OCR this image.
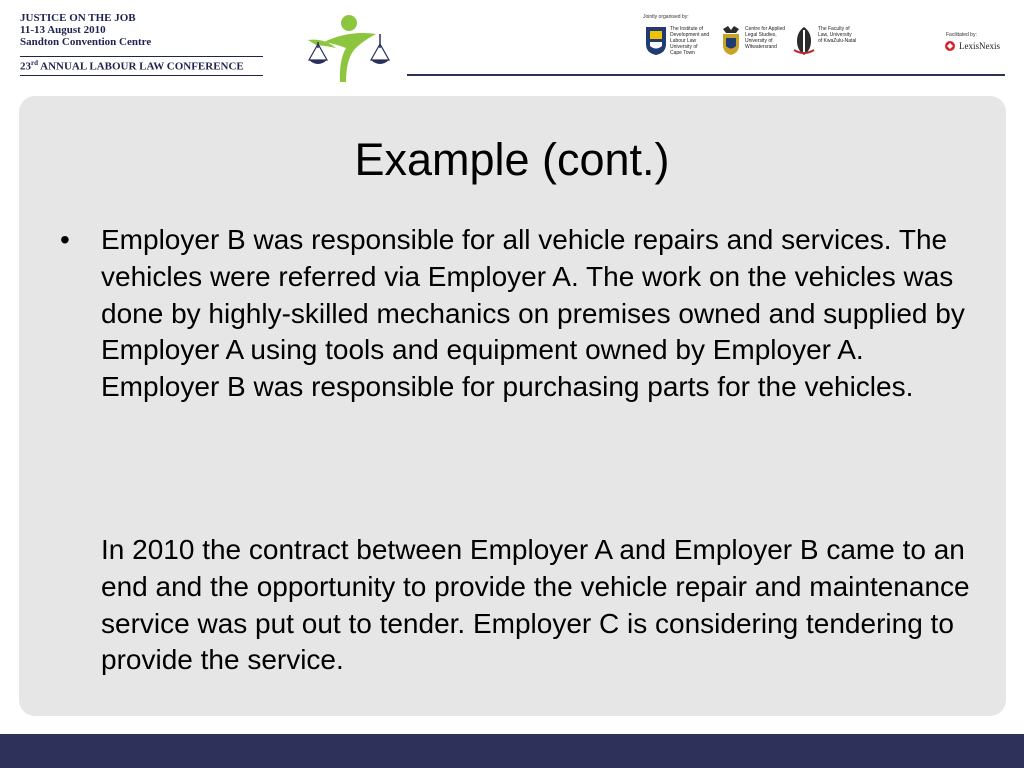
JUSTICE ON THE JOB
11-13 August 2010
Sandton Convention Centre
23rd ANNUAL LABOUR LAW CONFERENCE
Jointly organised by:
The Institute of
Development and
Labour Law
University of
Cape Town
Centre for Applied
Legal Studies,
University of
Witwatersrand
The Faculty of
Law, University
of KwaZulu-Natal
Facilitated by:
LexisNexis
Example (cont.)
• Employer B was responsible for all vehicle repairs and services. The vehicles were referred via Employer A. The work on the vehicles was done by highly-skilled mechanics on premises owned and supplied by Employer A using tools and equipment owned by Employer A. Employer B was responsible for purchasing parts for the vehicles.

In 2010 the contract between Employer A and Employer B came to an end and the opportunity to provide the vehicle repair and maintenance service was put out to tender. Employer C is considering tendering to provide the service.
